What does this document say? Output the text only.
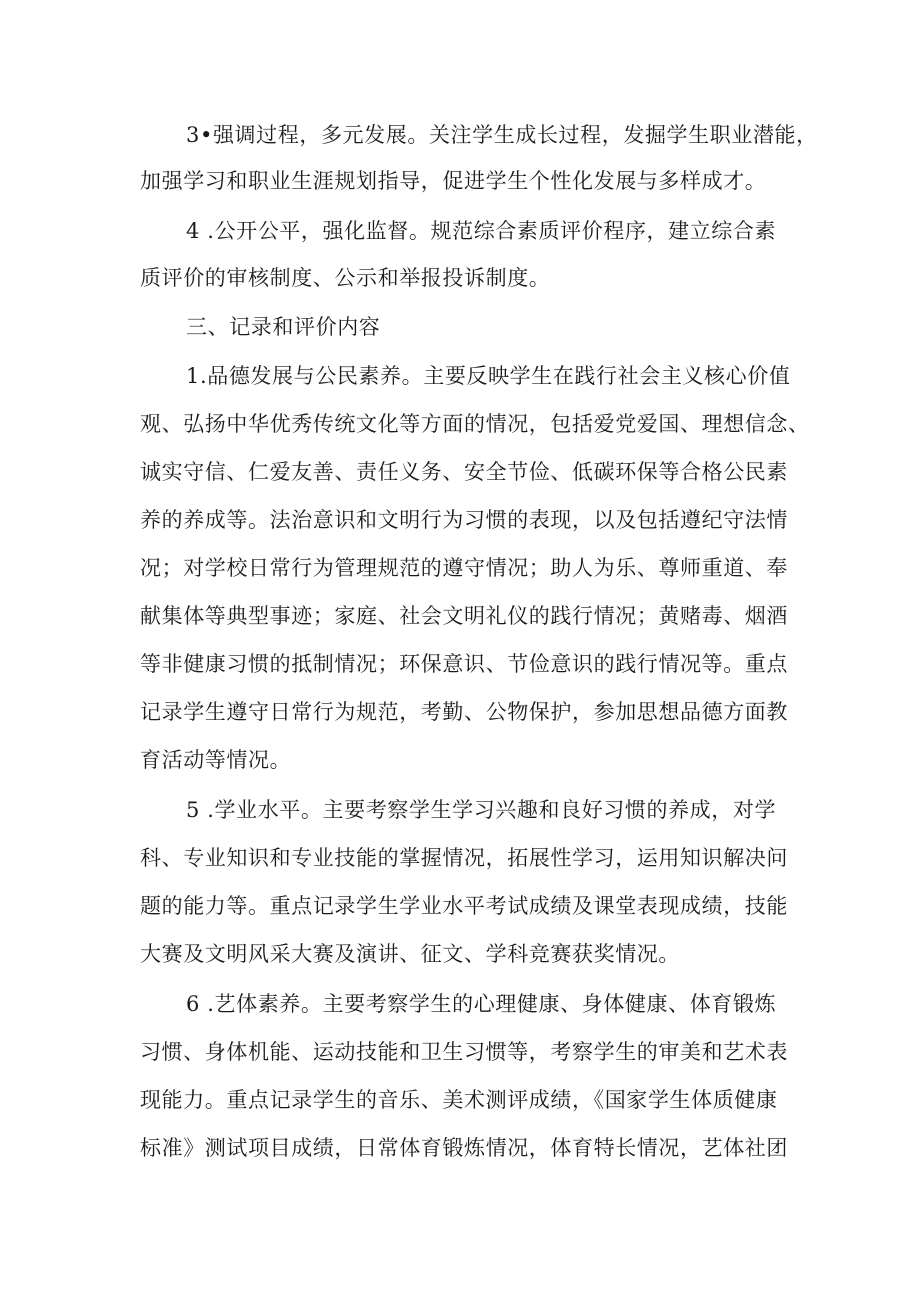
3•强调过程，多元发展。关注学生成长过程，发掘学生职业潜能，
加强学习和职业生涯规划指导，促进学生个性化发展与多样成才。
4 .公开公平，强化监督。规范综合素质评价程序，建立综合素
质评价的审核制度、公示和举报投诉制度。
三、记录和评价内容
1.品德发展与公民素养。主要反映学生在践行社会主义核心价值
观、弘扬中华优秀传统文化等方面的情况，包括爱党爱国、理想信念、
诚实守信、仁爱友善、责任义务、安全节俭、低碳环保等合格公民素
养的养成等。法治意识和文明行为习惯的表现，以及包括遵纪守法情
况；对学校日常行为管理规范的遵守情况；助人为乐、尊师重道、奉
献集体等典型事迹；家庭、社会文明礼仪的践行情况；黄赌毒、烟酒
等非健康习惯的抵制情况；环保意识、节俭意识的践行情况等。重点
记录学生遵守日常行为规范，考勤、公物保护，参加思想品德方面教
育活动等情况。
5 .学业水平。主要考察学生学习兴趣和良好习惯的养成，对学
科、专业知识和专业技能的掌握情况，拓展性学习，运用知识解决问
题的能力等。重点记录学生学业水平考试成绩及课堂表现成绩，技能
大赛及文明风采大赛及演讲、征文、学科竞赛获奖情况。
6 .艺体素养。主要考察学生的心理健康、身体健康、体育锻炼
习惯、身体机能、运动技能和卫生习惯等，考察学生的审美和艺术表
现能力。重点记录学生的音乐、美术测评成绩，《国家学生体质健康
标准》测试项目成绩，日常体育锻炼情况，体育特长情况，艺体社团
